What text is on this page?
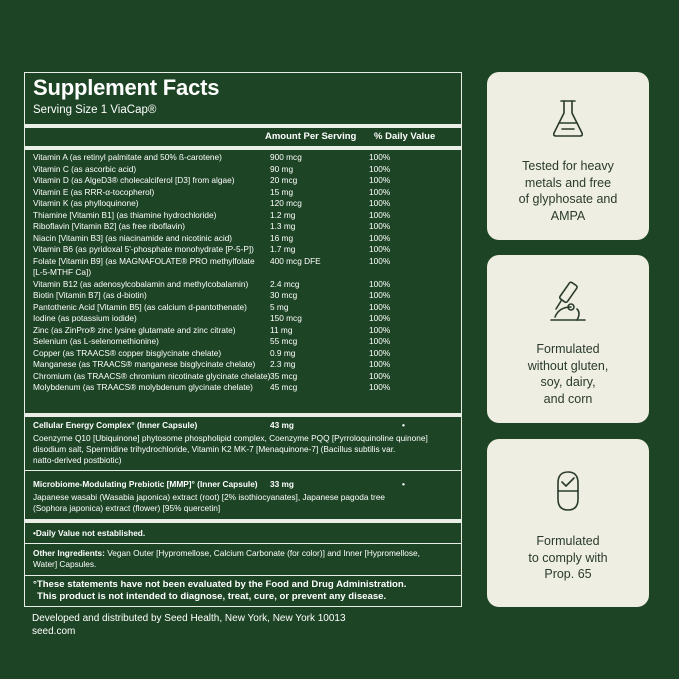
Supplement Facts
Serving Size 1 ViaCap®
Amount Per Serving % Daily Value
Vitamin A (as retinyl palmitate and 50% ß-carotene)	900 mcg	100%
Vitamin C (as ascorbic acid)	90 mg	100%
Vitamin D (as AlgeD3® cholecalciferol [D3] from algae)	20 mcg	100%
Vitamin E (as RRR-α-tocopherol)	15 mg	100%
Vitamin K (as phylloquinone)	120 mcg	100%
Thiamine [Vitamin B1] (as thiamine hydrochloride)	1.2 mg	100%
Riboflavin [Vitamin B2] (as free riboflavin)	1.3 mg	100%
Niacin [Vitamin B3] (as niacinamide and nicotinic acid)	16 mg	100%
Vitamin B6 (as pyridoxal 5'-phosphate monohydrate [P-5-P]) 1.7 mg	100%
Folate [Vitamin B9] (as MAGNAFOLATE® PRO methylfolate 400 mcg DFE	100%
[L-5-MTHF Ca])
Vitamin B12 (as adenosylcobalamin and methylcobalamin)	2.4 mcg	100%
Biotin [Vitamin B7] (as d-biotin)	30 mcg	100%
Pantothenic Acid [Vitamin B5] (as calcium d-pantothenate)	5 mg	100%
Iodine (as potassium iodide)	150 mcg	100%
Zinc (as ZinPro® zinc lysine glutamate and zinc citrate)	11 mg	100%
Selenium (as L-selenomethionine)	55 mcg	100%
Copper (as TRAACS® copper bisglycinate chelate)	0.9 mg	100%
Manganese (as TRAACS® manganese bisglycinate chelate) 2.3 mg	100%
Chromium (as TRAACS® chromium nicotinate glycinate chelate) 35 mcg	100%
Molybdenum (as TRAACS® molybdenum glycinate chelate) 45 mcg	100%
Cellular Energy Complex° (Inner Capsule)	43 mg	•
Coenzyme Q10 [Ubiquinone] phytosome phospholipid complex, Coenzyme PQQ [Pyrroloquinoline quinone]
disodium salt, Spermidine trihydrochloride, Vitamin K2 MK-7 [Menaquinone-7] (Bacillus subtilis var.
natto-derived postbiotic)
Microbiome-Modulating Prebiotic [MMP]° (Inner Capsule) 33 mg	•
Japanese wasabi (Wasabia japonica) extract (root) [2% isothiocyanates], Japanese pagoda tree
(Sophora japonica) extract (flower) [95% quercetin]
•Daily Value not established.
Other Ingredients: Vegan Outer [Hypromellose, Calcium Carbonate (for color)] and Inner [Hypromellose,
Water] Capsules.
°These statements have not been evaluated by the Food and Drug Administration.
This product is not intended to diagnose, treat, cure, or prevent any disease.
Developed and distributed by Seed Health, New York, New York 10013
seed.com
Tested for heavy
metals and free
of glyphosate and
AMPA
Formulated
without gluten,
soy, dairy,
and corn
Formulated
to comply with
Prop. 65
